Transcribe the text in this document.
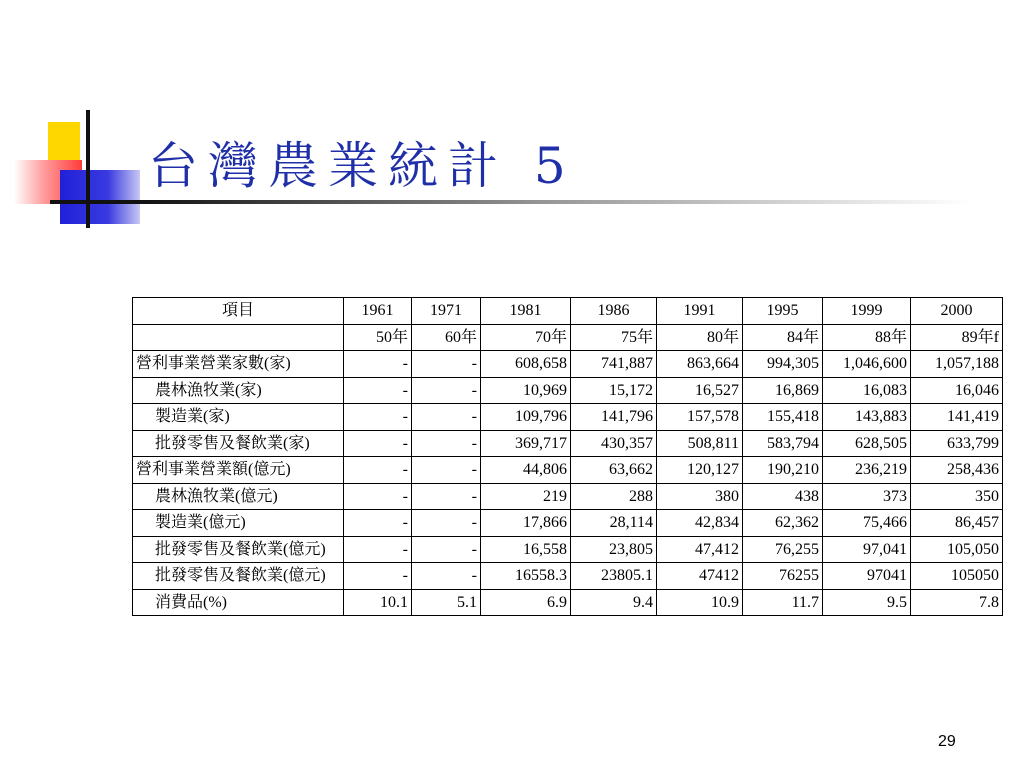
台灣農業統計 5
項目	1961	1971	1981	1986	1991	1995	1999	2000
	50年	60年	70年	75年	80年	84年	88年	89年f
營利事業營業家數(家)	-	-	608,658	741,887	863,664	994,305	1,046,600	1,057,188
農林漁牧業(家)	-	-	10,969	15,172	16,527	16,869	16,083	16,046
製造業(家)	-	-	109,796	141,796	157,578	155,418	143,883	141,419
批發零售及餐飲業(家)	-	-	369,717	430,357	508,811	583,794	628,505	633,799
營利事業營業額(億元)	-	-	44,806	63,662	120,127	190,210	236,219	258,436
農林漁牧業(億元)	-	-	219	288	380	438	373	350
製造業(億元)	-	-	17,866	28,114	42,834	62,362	75,466	86,457
批發零售及餐飲業(億元)	-	-	16,558	23,805	47,412	76,255	97,041	105,050
批發零售及餐飲業(億元)	-	-	16558.3	23805.1	47412	76255	97041	105050
消費品(%)	10.1	5.1	6.9	9.4	10.9	11.7	9.5	7.8
29
